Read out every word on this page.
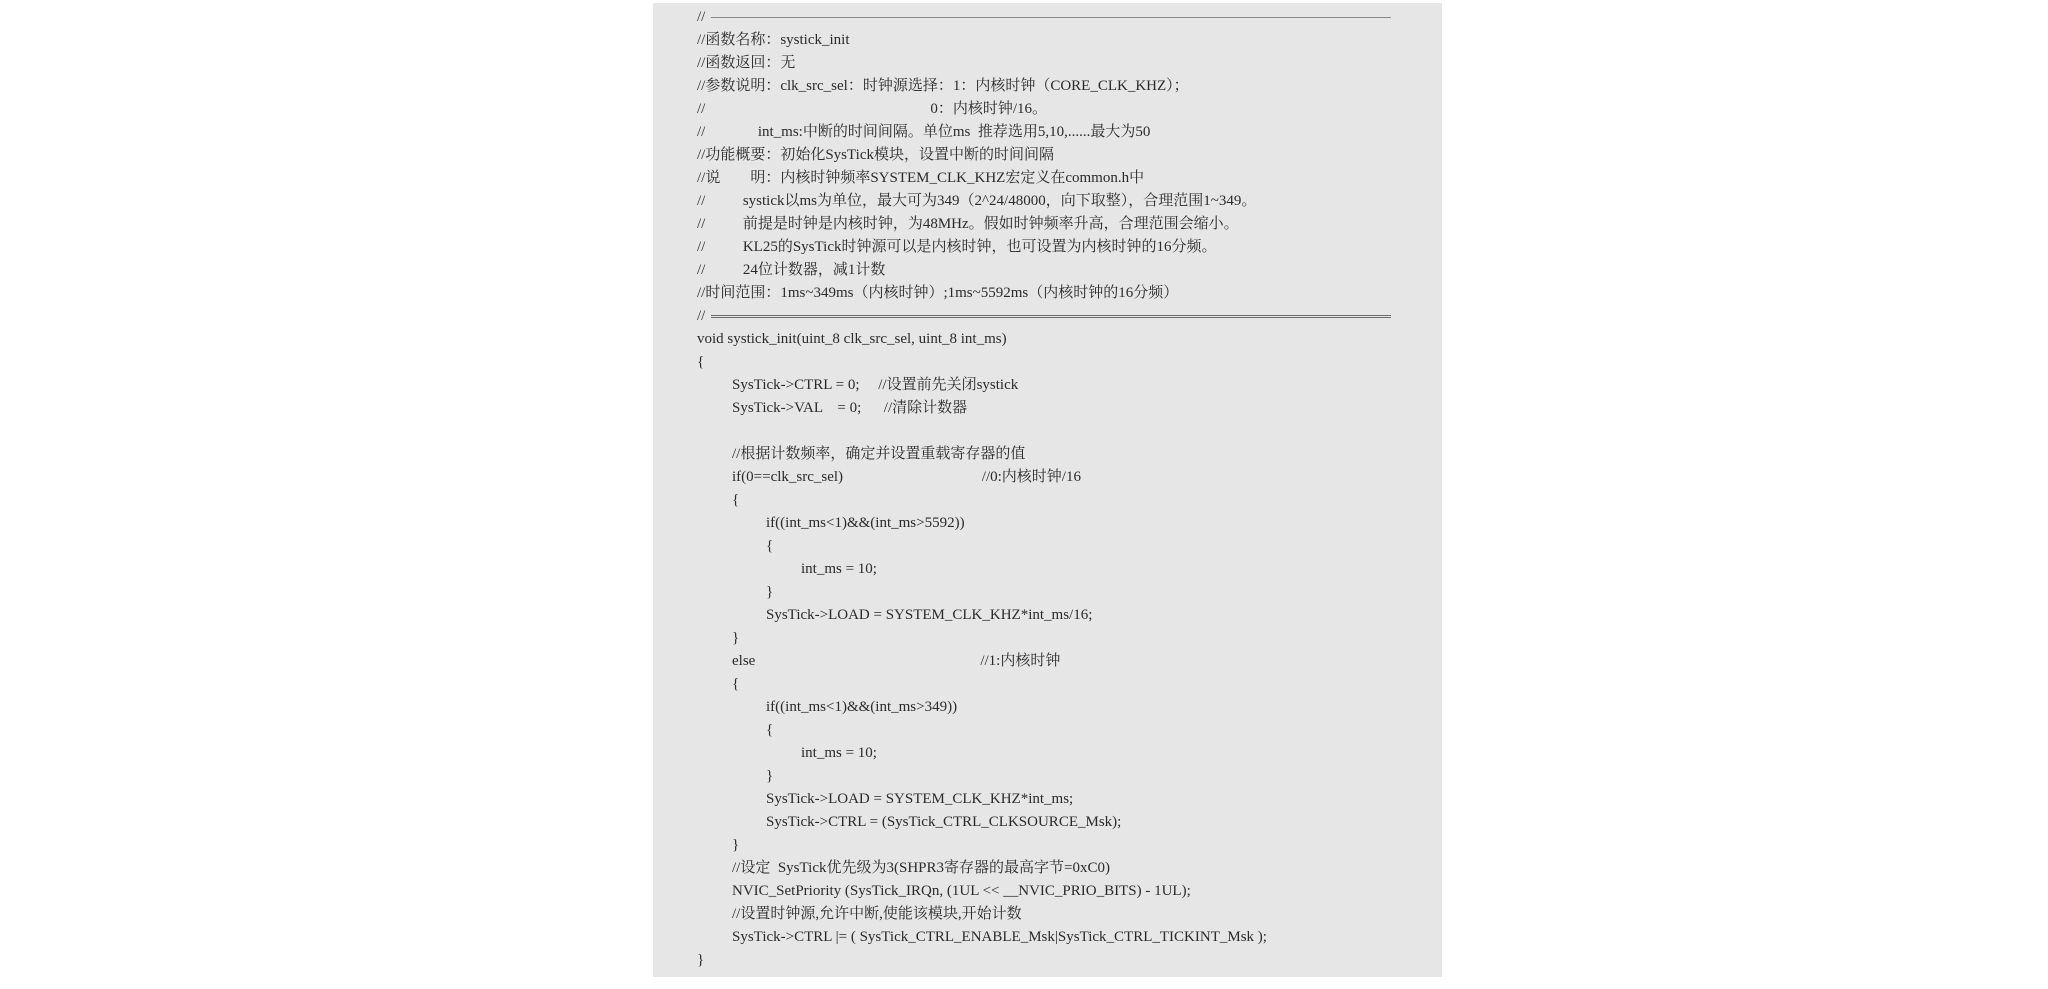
//
//函数名称：systick_init
//函数返回：无
//参数说明：clk_src_sel：时钟源选择：1：内核时钟（CORE_CLK_KHZ）；
//                                                            0：内核时钟/16。
//              int_ms:中断的时间间隔。单位ms  推荐选用5,10,......最大为50
//功能概要：初始化SysTick模块，设置中断的时间间隔
//说        明：内核时钟频率SYSTEM_CLK_KHZ宏定义在common.h中
//          systick以ms为单位，最大可为349（2^24/48000，向下取整），合理范围1~349。
//          前提是时钟是内核时钟，为48MHz。假如时钟频率升高，合理范围会缩小。
//          KL25的SysTick时钟源可以是内核时钟，也可设置为内核时钟的16分频。
//          24位计数器，减1计数
//时间范围：1ms~349ms（内核时钟）;1ms~5592ms（内核时钟的16分频）
//
void systick_init(uint_8 clk_src_sel, uint_8 int_ms)
{
SysTick->CTRL = 0;     //设置前先关闭systick
SysTick->VAL    = 0;      //清除计数器
//根据计数频率，确定并设置重载寄存器的值
if(0==clk_src_sel)                                     //0:内核时钟/16
{
if((int_ms<1)&&(int_ms>5592))
{
int_ms = 10;
}
SysTick->LOAD = SYSTEM_CLK_KHZ*int_ms/16;
}
else                                                            //1:内核时钟
{
if((int_ms<1)&&(int_ms>349))
{
int_ms = 10;
}
SysTick->LOAD = SYSTEM_CLK_KHZ*int_ms;
SysTick->CTRL = (SysTick_CTRL_CLKSOURCE_Msk);
}
//设定  SysTick优先级为3(SHPR3寄存器的最高字节=0xC0)
NVIC_SetPriority (SysTick_IRQn, (1UL << __NVIC_PRIO_BITS) - 1UL);
//设置时钟源,允许中断,使能该模块,开始计数
SysTick->CTRL |= ( SysTick_CTRL_ENABLE_Msk|SysTick_CTRL_TICKINT_Msk );
}
